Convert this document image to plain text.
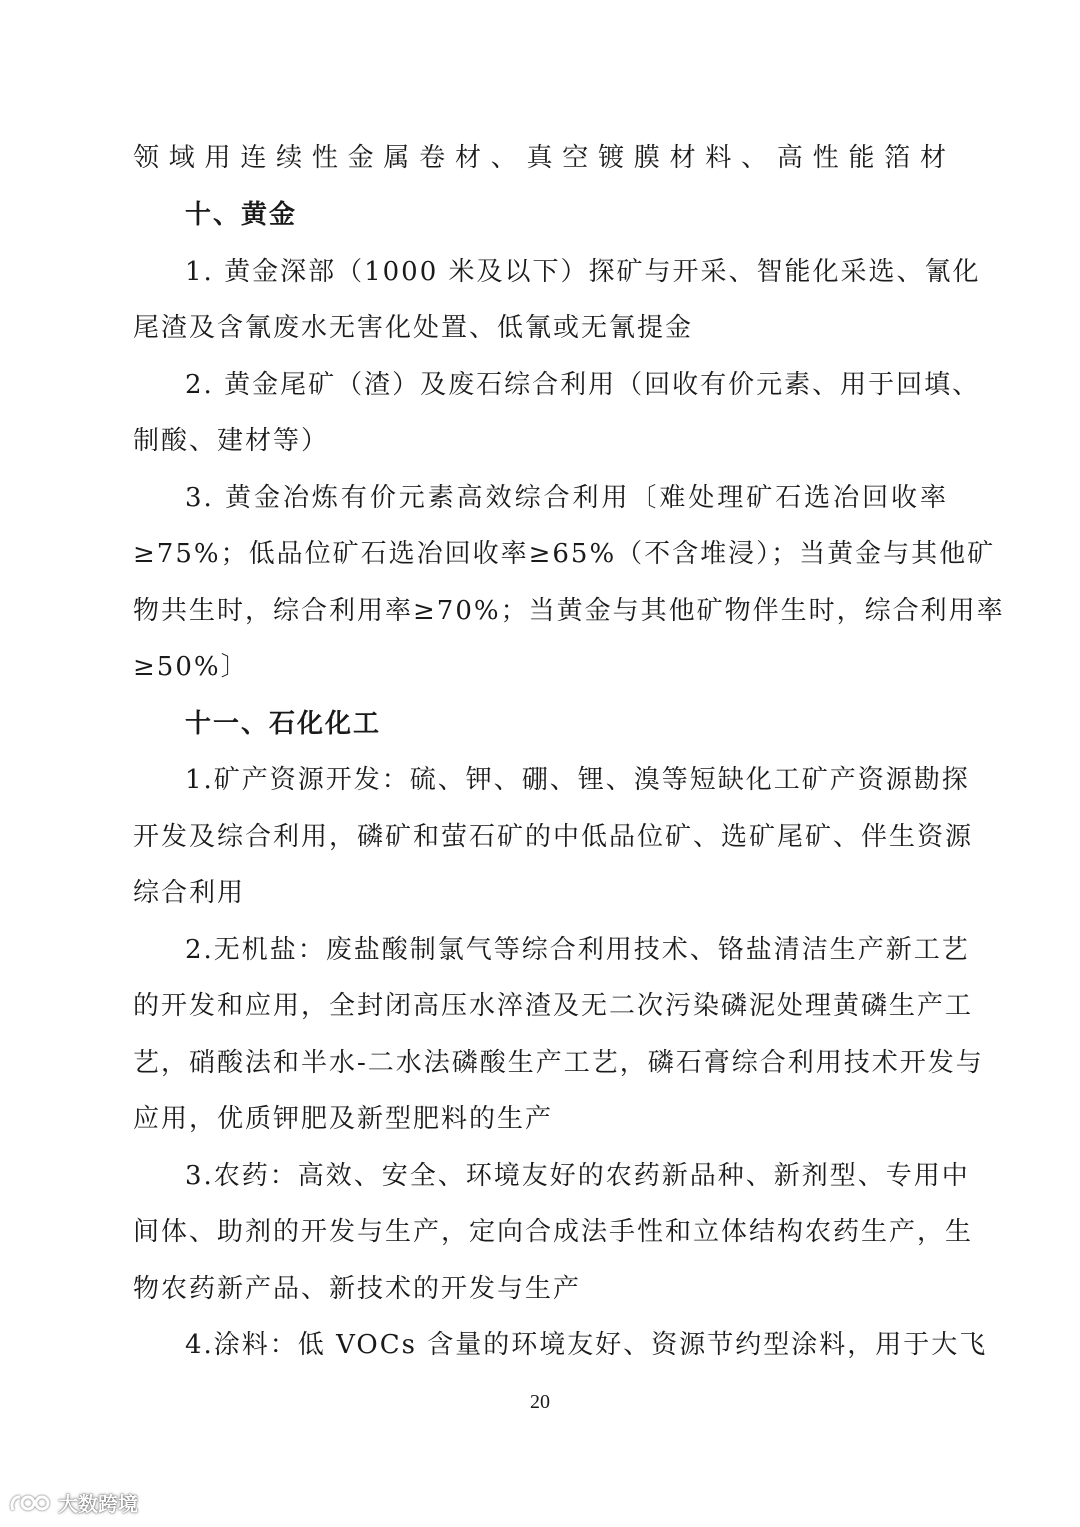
领域用连续性金属卷材、真空镀膜材料、高性能箔材
十、黄金
1. 黄金深部（1000 米及以下）探矿与开采、智能化采选、氰化
尾渣及含氰废水无害化处置、低氰或无氰提金
2. 黄金尾矿（渣）及废石综合利用（回收有价元素、用于回填、
制酸、建材等）
3. 黄金冶炼有价元素高效综合利用〔难处理矿石选冶回收率
≥75%；低品位矿石选冶回收率≥65%（不含堆浸）；当黄金与其他矿
物共生时，综合利用率≥70%；当黄金与其他矿物伴生时，综合利用率
≥50%〕
十一、石化化工
1.矿产资源开发：硫、钾、硼、锂、溴等短缺化工矿产资源勘探
开发及综合利用，磷矿和萤石矿的中低品位矿、选矿尾矿、伴生资源
综合利用
2.无机盐：废盐酸制氯气等综合利用技术、铬盐清洁生产新工艺
的开发和应用，全封闭高压水淬渣及无二次污染磷泥处理黄磷生产工
艺，硝酸法和半水-二水法磷酸生产工艺，磷石膏综合利用技术开发与
应用，优质钾肥及新型肥料的生产
3.农药：高效、安全、环境友好的农药新品种、新剂型、专用中
间体、助剂的开发与生产，定向合成法手性和立体结构农药生产，生
物农药新产品、新技术的开发与生产
4.涂料：低 VOCs 含量的环境友好、资源节约型涂料，用于大飞
20
大数跨境
